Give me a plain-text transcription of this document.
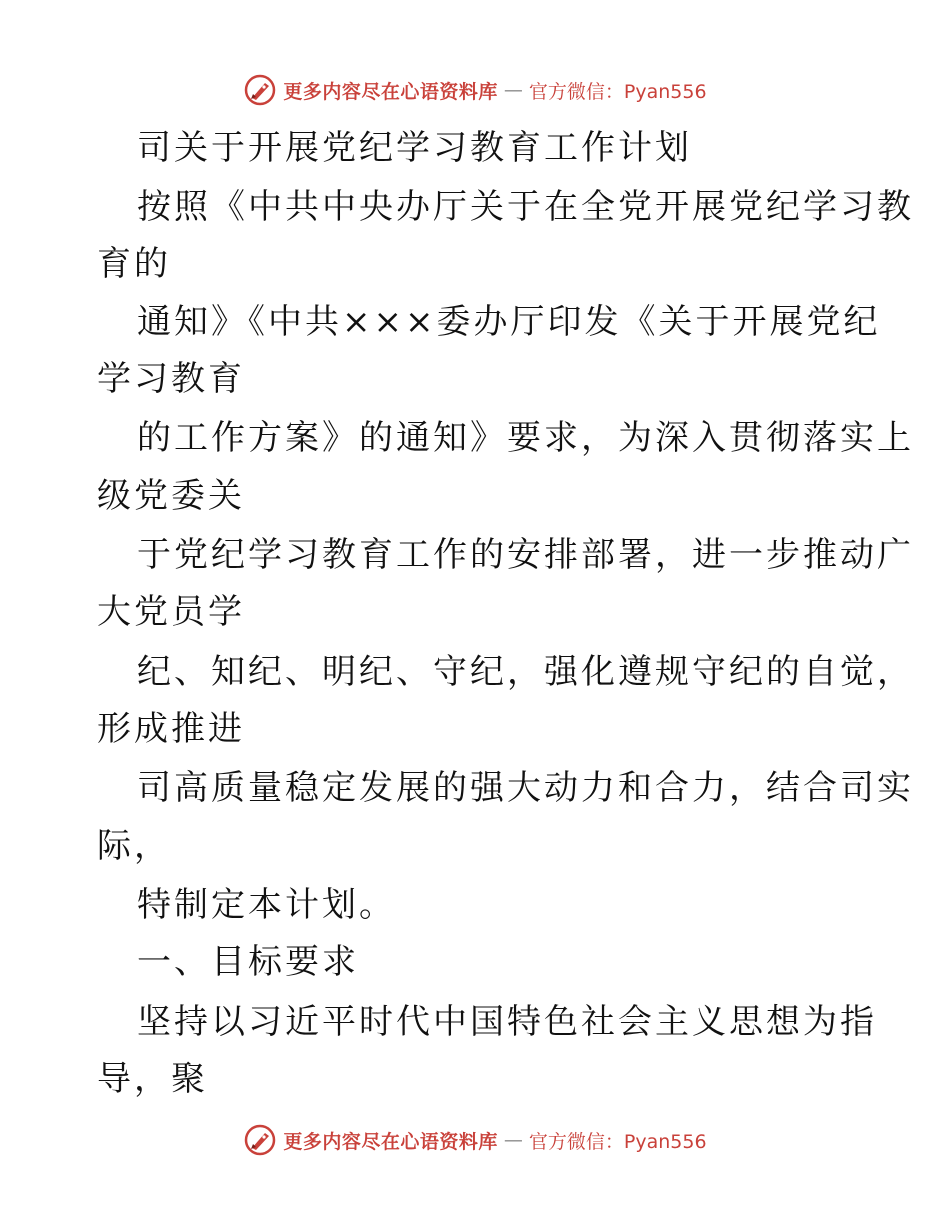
更多内容尽在心语资料库 — 官方微信：Pyan556
司关于开展党纪学习教育工作计划
按照《中共中央办厅关于在全党开展党纪学习教
育的
通知》《中共×××委办厅印发《关于开展党纪
学习教育
的工作方案》的通知》要求，为深入贯彻落实上
级党委关
于党纪学习教育工作的安排部署，进一步推动广
大党员学
纪、知纪、明纪、守纪，强化遵规守纪的自觉，
形成推进
司高质量稳定发展的强大动力和合力，结合司实
际，
特制定本计划。
一、目标要求
坚持以习近平时代中国特色社会主义思想为指
导，聚
更多内容尽在心语资料库 — 官方微信：Pyan556
